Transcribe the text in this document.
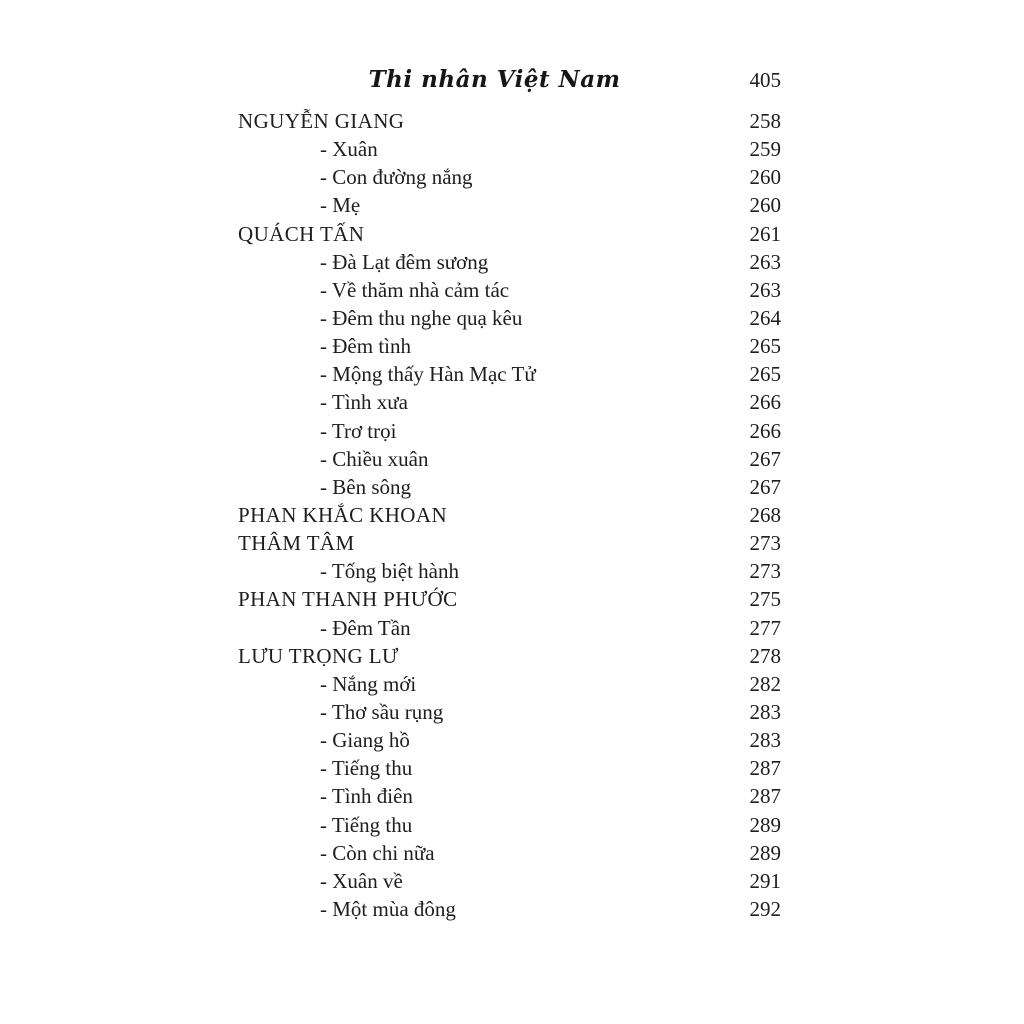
Thi nhân Việt Nam	405
NGUYỄN GIANG	258
- Xuân	259
- Con đường nắng	260
- Mẹ	260
QUÁCH TẤN	261
- Đà Lạt đêm sương	263
- Về thăm nhà cảm tác	263
- Đêm thu nghe quạ kêu	264
- Đêm tình	265
- Mộng thấy Hàn Mạc Tử	265
- Tình xưa	266
- Trơ trọi	266
- Chiều xuân	267
- Bên sông	267
PHAN KHẮC KHOAN	268
THÂM TÂM	273
- Tống biệt hành	273
PHAN THANH PHƯỚC	275
- Đêm Tần	277
LƯU TRỌNG LƯ	278
- Nắng mới	282
- Thơ sầu rụng	283
- Giang hồ	283
- Tiếng thu	287
- Tình điên	287
- Tiếng thu	289
- Còn chi nữa	289
- Xuân về	291
- Một mùa đông	292
